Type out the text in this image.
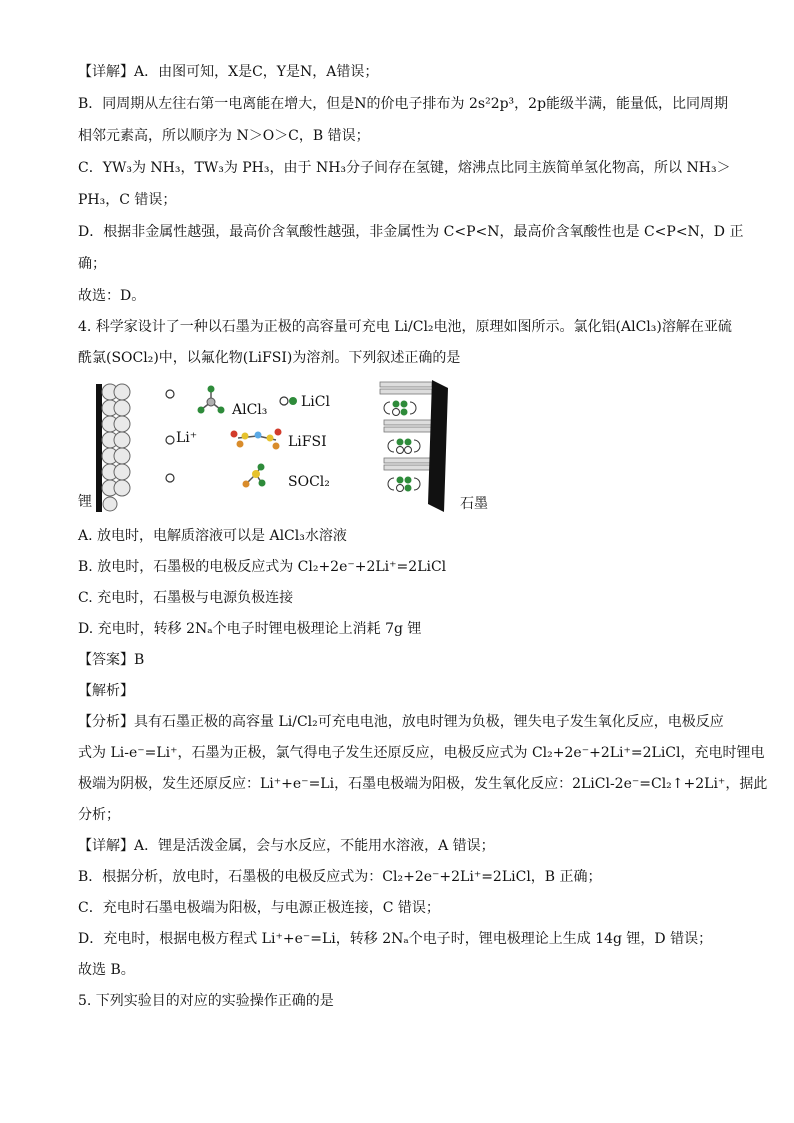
【详解】A．由图可知，X是C，Y是N，A错误；
B．同周期从左往右第一电离能在增大，但是N的价电子排布为 2s²2p³，2p能级半满，能量低，比同周期
相邻元素高，所以顺序为 N＞O＞C，B 错误；
C．YW₃为 NH₃，TW₃为 PH₃，由于 NH₃分子间存在氢键，熔沸点比同主族简单氢化物高，所以 NH₃＞
PH₃，C 错误；
D．根据非金属性越强，最高价含氧酸性越强，非金属性为 C<P<N，最高价含氧酸性也是 C<P<N，D 正
确；
故选：D。
4. 科学家设计了一种以石墨为正极的高容量可充电 Li/Cl₂电池，原理如图所示。氯化铝(AlCl₃)溶解在亚硫
酰氯(SOCl₂)中，以氟化物(LiFSI)为溶剂。下列叙述正确的是
锂
Li⁺
AlCl₃ LiCl
LiFSI
SOCl₂
石墨
A. 放电时，电解质溶液可以是 AlCl₃水溶液
B. 放电时，石墨极的电极反应式为 Cl₂+2e⁻+2Li⁺=2LiCl
C. 充电时，石墨极与电源负极连接
D. 充电时，转移 2Nₐ个电子时锂电极理论上消耗 7g 锂
【答案】B
【解析】
【分析】具有石墨正极的高容量 Li/Cl₂可充电电池，放电时锂为负极，锂失电子发生氧化反应，电极反应
式为 Li-e⁻=Li⁺，石墨为正极，氯气得电子发生还原反应，电极反应式为 Cl₂+2e⁻+2Li⁺=2LiCl，充电时锂电
极端为阴极，发生还原反应：Li⁺+e⁻=Li，石墨电极端为阳极，发生氧化反应：2LiCl-2e⁻=Cl₂↑+2Li⁺，据此
分析；
【详解】A．锂是活泼金属，会与水反应，不能用水溶液，A 错误；
B．根据分析，放电时，石墨极的电极反应式为：Cl₂+2e⁻+2Li⁺=2LiCl，B 正确；
C．充电时石墨电极端为阳极，与电源正极连接，C 错误；
D．充电时，根据电极方程式 Li⁺+e⁻=Li，转移 2Nₐ个电子时，锂电极理论上生成 14g 锂，D 错误；
故选 B。
5. 下列实验目的对应的实验操作正确的是
